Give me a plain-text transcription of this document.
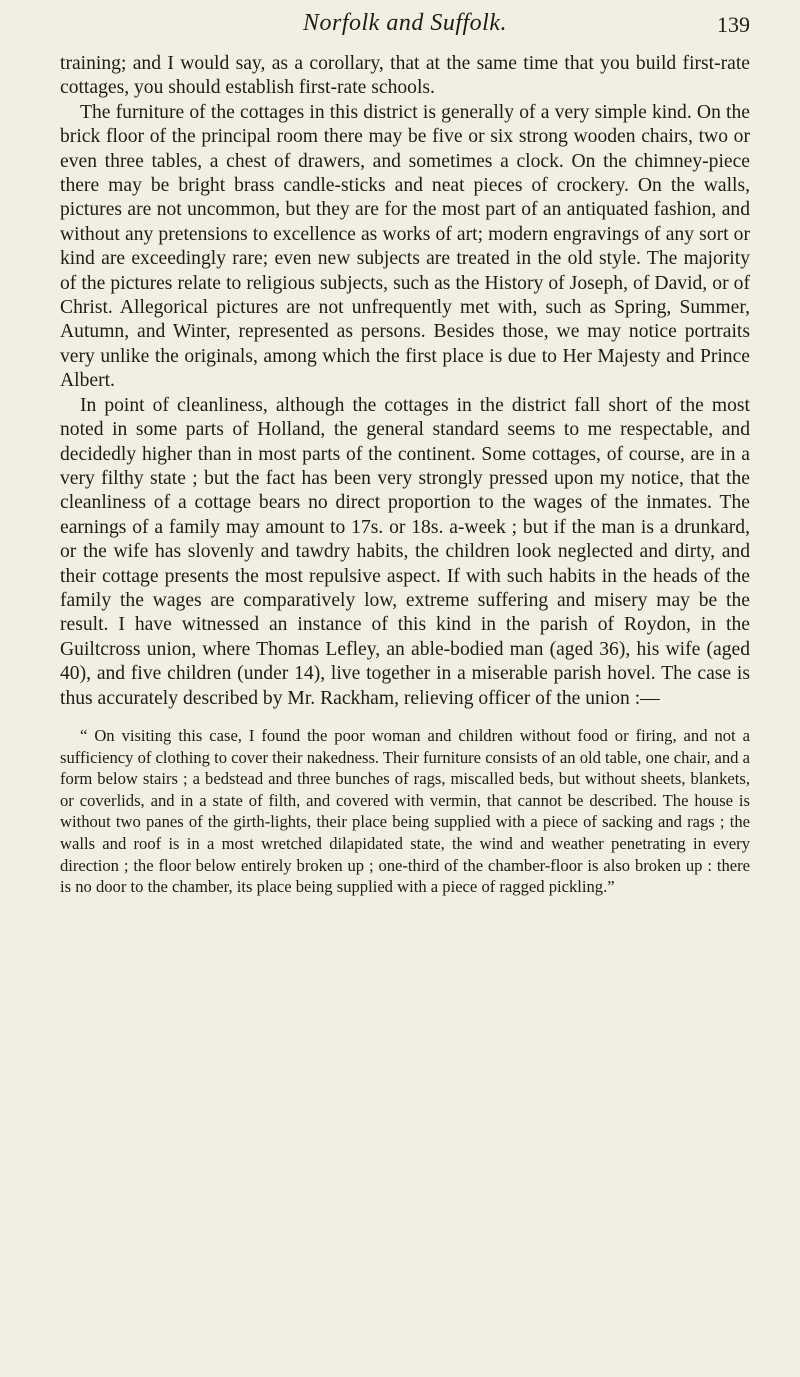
Norfolk and Suffolk.	139

training; and I would say, as a corollary, that at the same time that you build first-rate cottages, you should establish first-rate schools.

The furniture of the cottages in this district is generally of a very simple kind. On the brick floor of the principal room there may be five or six strong wooden chairs, two or even three tables, a chest of drawers, and sometimes a clock. On the chimney-piece there may be bright brass candle-sticks and neat pieces of crockery. On the walls, pictures are not uncommon, but they are for the most part of an antiquated fashion, and without any pretensions to excellence as works of art; modern engravings of any sort or kind are exceedingly rare; even new subjects are treated in the old style. The majority of the pictures relate to religious subjects, such as the History of Joseph, of David, or of Christ. Allegorical pictures are not unfrequently met with, such as Spring, Summer, Autumn, and Winter, represented as persons. Besides those, we may notice portraits very unlike the originals, among which the first place is due to Her Majesty and Prince Albert.

In point of cleanliness, although the cottages in the district fall short of the most noted in some parts of Holland, the general standard seems to me respectable, and decidedly higher than in most parts of the continent. Some cottages, of course, are in a very filthy state ; but the fact has been very strongly pressed upon my notice, that the cleanliness of a cottage bears no direct proportion to the wages of the inmates. The earnings of a family may amount to 17s. or 18s. a-week ; but if the man is a drunkard, or the wife has slovenly and tawdry habits, the children look neglected and dirty, and their cottage presents the most repulsive aspect. If with such habits in the heads of the family the wages are comparatively low, extreme suffering and misery may be the result. I have witnessed an instance of this kind in the parish of Roydon, in the Guiltcross union, where Thomas Lefley, an able-bodied man (aged 36), his wife (aged 40), and five children (under 14), live together in a miserable parish hovel. The case is thus accurately described by Mr. Rackham, relieving officer of the union :—

“ On visiting this case, I found the poor woman and children without food or firing, and not a sufficiency of clothing to cover their nakedness. Their furniture consists of an old table, one chair, and a form below stairs ; a bedstead and three bunches of rags, miscalled beds, but without sheets, blankets, or coverlids, and in a state of filth, and covered with vermin, that cannot be described. The house is without two panes of the girth-lights, their place being supplied with a piece of sacking and rags ; the walls and roof is in a most wretched dilapidated state, the wind and weather penetrating in every direction ; the floor below entirely broken up ; one-third of the chamber-floor is also broken up : there is no door to the chamber, its place being supplied with a piece of ragged pickling.”
